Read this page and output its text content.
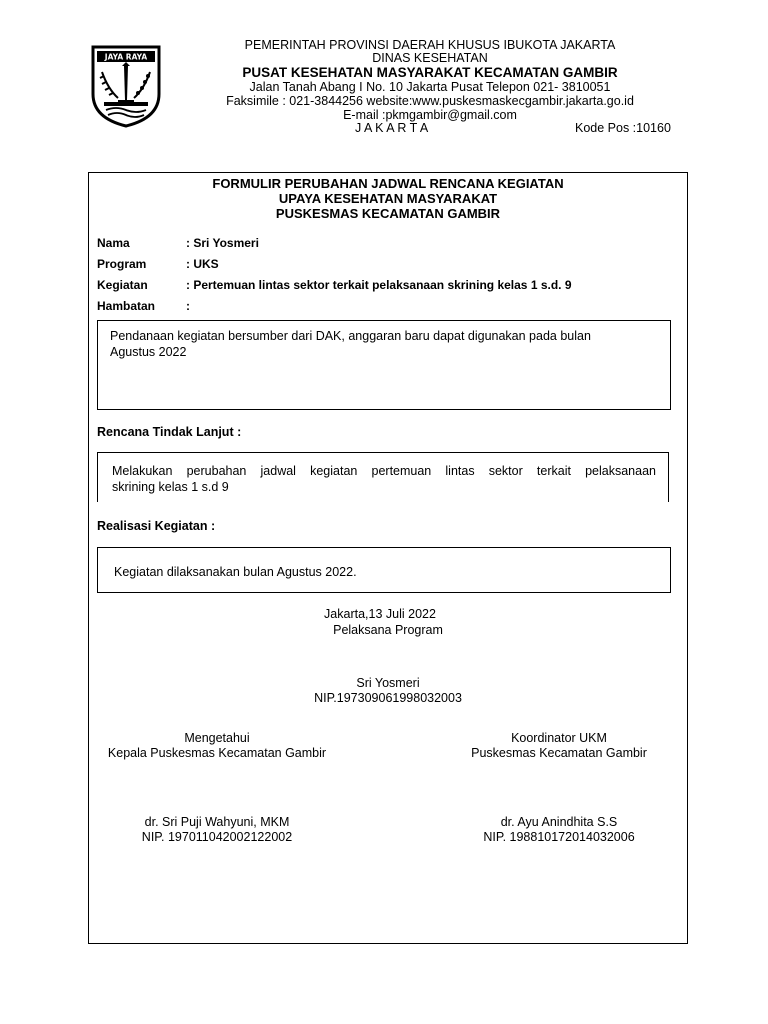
JAYA RAYA
PEMERINTAH PROVINSI DAERAH KHUSUS IBUKOTA JAKARTA
DINAS KESEHATAN
PUSAT KESEHATAN MASYARAKAT KECAMATAN GAMBIR
Jalan Tanah Abang I No. 10 Jakarta Pusat Telepon 021- 3810051
Faksimile : 021-3844256 website:www.puskesmaskecgambir.jakarta.go.id
E-mail :pkmgambir@gmail.com
J A K A R T A	Kode Pos :10160
FORMULIR PERUBAHAN JADWAL RENCANA KEGIATAN
UPAYA KESEHATAN MASYARAKAT
PUSKESMAS KECAMATAN GAMBIR
Nama	: Sri Yosmeri
Program	: UKS
Kegiatan	: Pertemuan lintas sektor terkait pelaksanaan skrining kelas 1 s.d. 9
Hambatan	:
Pendanaan kegiatan bersumber dari DAK, anggaran baru dapat digunakan pada bulan
Agustus 2022
Rencana Tindak Lanjut :
Melakukan perubahan jadwal kegiatan pertemuan lintas sektor terkait pelaksanaan
skrining kelas 1 s.d 9
Realisasi Kegiatan :
Kegiatan dilaksanakan bulan Agustus 2022.
Jakarta,13 Juli 2022
Pelaksana Program
Sri Yosmeri
NIP.197309061998032003
Mengetahui
Kepala Puskesmas Kecamatan Gambir
dr. Sri Puji Wahyuni, MKM
NIP. 197011042002122002
Koordinator UKM
Puskesmas Kecamatan Gambir
dr. Ayu Anindhita S.S
NIP. 198810172014032006
